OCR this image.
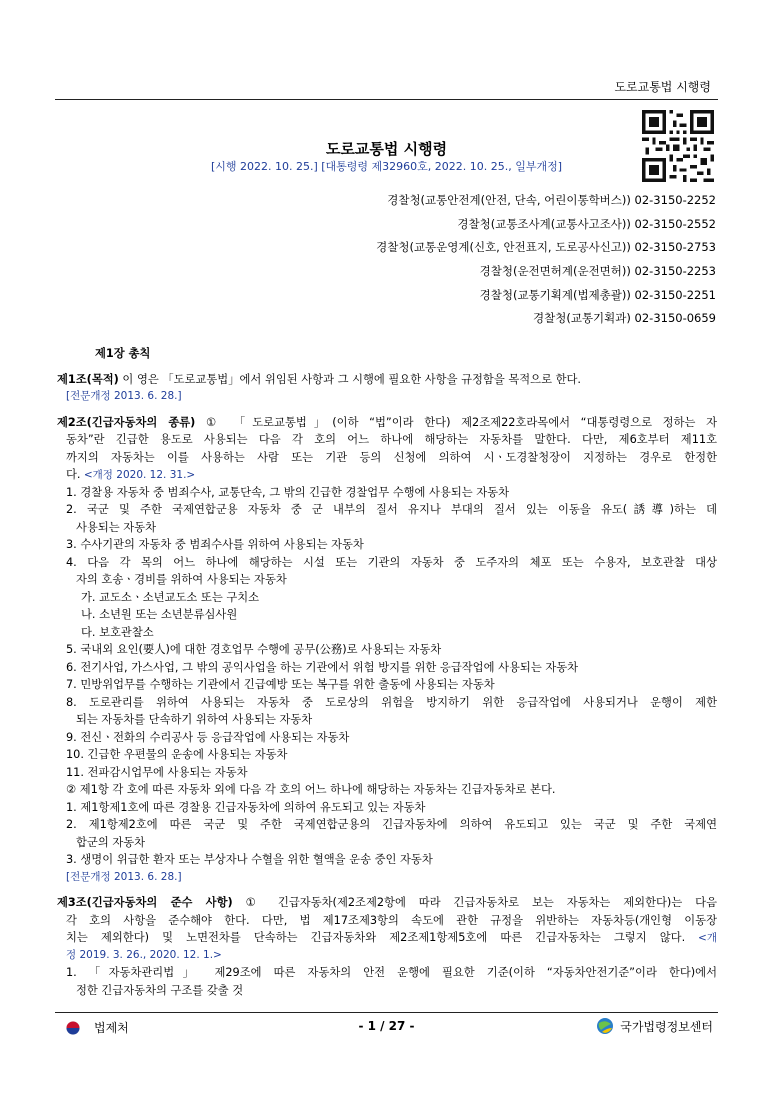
도로교통법 시행령
도로교통법 시행령
[시행 2022. 10. 25.] [대통령령 제32960호, 2022. 10. 25., 일부개정]
경찰청(교통안전계(안전, 단속, 어린이통학버스)) 02-3150-2252
경찰청(교통조사계(교통사고조사)) 02-3150-2552
경찰청(교통운영계(신호, 안전표지, 도로공사신고)) 02-3150-2753
경찰청(운전면허계(운전면허)) 02-3150-2253
경찰청(교통기획계(법제총괄)) 02-3150-2251
경찰청(교통기획과) 02-3150-0659
제1장 총칙
제1조(목적) 이 영은 「도로교통법」에서 위임된 사항과 그 시행에 필요한 사항을 규정함을 목적으로 한다.
[전문개정 2013. 6. 28.]
제2조(긴급자동차의 종류) ① 「도로교통법」(이하 “법”이라 한다) 제2조제22호라목에서 “대통령령으로 정하는 자
동차”란 긴급한 용도로 사용되는 다음 각 호의 어느 하나에 해당하는 자동차를 말한다. 다만, 제6호부터 제11호
까지의 자동차는 이를 사용하는 사람 또는 기관 등의 신청에 의하여 시ㆍ도경찰청장이 지정하는 경우로 한정한
다. <개정 2020. 12. 31.>
1. 경찰용 자동차 중 범죄수사, 교통단속, 그 밖의 긴급한 경찰업무 수행에 사용되는 자동차
2. 국군 및 주한 국제연합군용 자동차 중 군 내부의 질서 유지나 부대의 질서 있는 이동을 유도(誘導)하는 데
사용되는 자동차
3. 수사기관의 자동차 중 범죄수사를 위하여 사용되는 자동차
4. 다음 각 목의 어느 하나에 해당하는 시설 또는 기관의 자동차 중 도주자의 체포 또는 수용자, 보호관찰 대상
자의 호송ㆍ경비를 위하여 사용되는 자동차
가. 교도소ㆍ소년교도소 또는 구치소
나. 소년원 또는 소년분류심사원
다. 보호관찰소
5. 국내외 요인(要人)에 대한 경호업무 수행에 공무(公務)로 사용되는 자동차
6. 전기사업, 가스사업, 그 밖의 공익사업을 하는 기관에서 위험 방지를 위한 응급작업에 사용되는 자동차
7. 민방위업무를 수행하는 기관에서 긴급예방 또는 복구를 위한 출동에 사용되는 자동차
8. 도로관리를 위하여 사용되는 자동차 중 도로상의 위험을 방지하기 위한 응급작업에 사용되거나 운행이 제한
되는 자동차를 단속하기 위하여 사용되는 자동차
9. 전신ㆍ전화의 수리공사 등 응급작업에 사용되는 자동차
10. 긴급한 우편물의 운송에 사용되는 자동차
11. 전파감시업무에 사용되는 자동차
② 제1항 각 호에 따른 자동차 외에 다음 각 호의 어느 하나에 해당하는 자동차는 긴급자동차로 본다.
1. 제1항제1호에 따른 경찰용 긴급자동차에 의하여 유도되고 있는 자동차
2. 제1항제2호에 따른 국군 및 주한 국제연합군용의 긴급자동차에 의하여 유도되고 있는 국군 및 주한 국제연
합군의 자동차
3. 생명이 위급한 환자 또는 부상자나 수혈을 위한 혈액을 운송 중인 자동차
[전문개정 2013. 6. 28.]
제3조(긴급자동차의 준수 사항) ① 긴급자동차(제2조제2항에 따라 긴급자동차로 보는 자동차는 제외한다)는 다음
각 호의 사항을 준수해야 한다. 다만, 법 제17조제3항의 속도에 관한 규정을 위반하는 자동차등(개인형 이동장
치는 제외한다) 및 노면전차를 단속하는 긴급자동차와 제2조제1항제5호에 따른 긴급자동차는 그렇지 않다. <개
정 2019. 3. 26., 2020. 12. 1.>
1. 「자동차관리법」 제29조에 따른 자동차의 안전 운행에 필요한 기준(이하 “자동차안전기준”이라 한다)에서
정한 긴급자동차의 구조를 갖출 것
법제처	- 1 / 27 -	국가법령정보센터
